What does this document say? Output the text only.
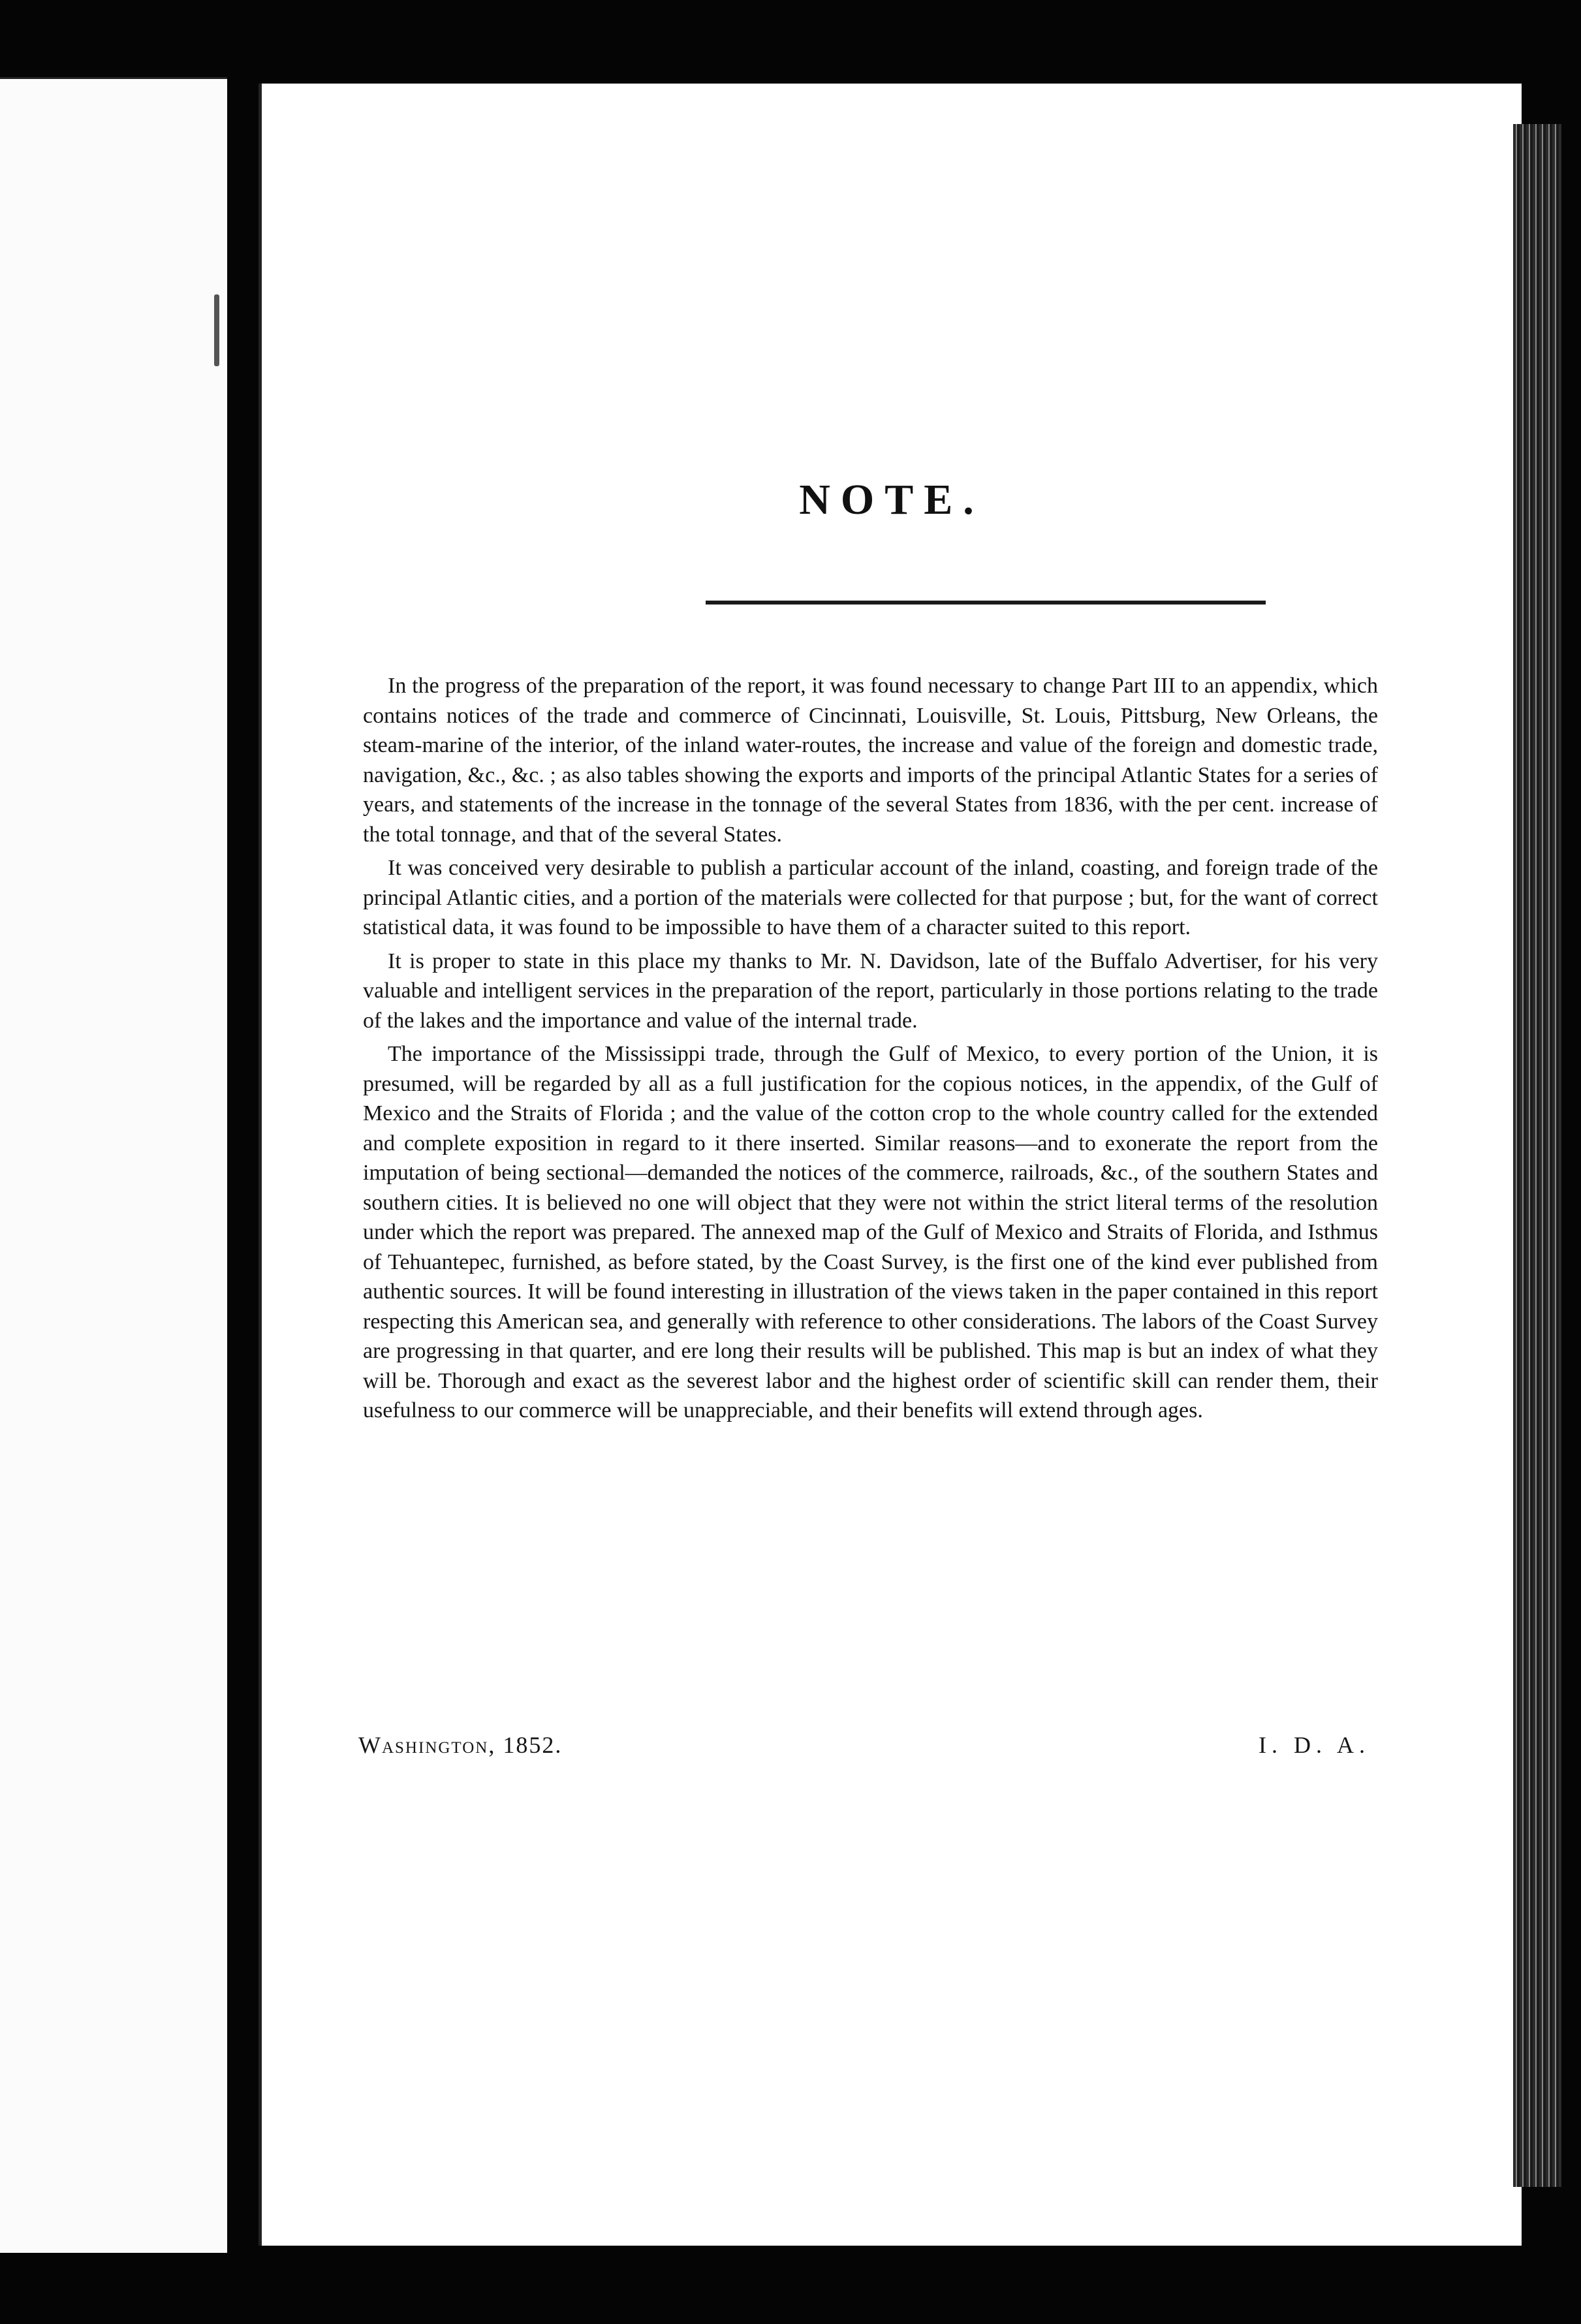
NOTE.

In the progress of the preparation of the report, it was found necessary to change Part III to an appendix, which contains notices of the trade and commerce of Cincinnati, Louisville, St. Louis, Pittsburg, New Orleans, the steam-marine of the interior, of the inland water-routes, the increase and value of the foreign and domestic trade, navigation, &c., &c. ; as also tables showing the exports and imports of the principal Atlantic States for a series of years, and statements of the increase in the tonnage of the several States from 1836, with the per cent. increase of the total tonnage, and that of the several States.

It was conceived very desirable to publish a particular account of the inland, coasting, and foreign trade of the principal Atlantic cities, and a portion of the materials were collected for that purpose ; but, for the want of correct statistical data, it was found to be impossible to have them of a character suited to this report.

It is proper to state in this place my thanks to Mr. N. Davidson, late of the Buffalo Advertiser, for his very valuable and intelligent services in the preparation of the report, particularly in those portions relating to the trade of the lakes and the importance and value of the internal trade.

The importance of the Mississippi trade, through the Gulf of Mexico, to every portion of the Union, it is presumed, will be regarded by all as a full justification for the copious notices, in the appendix, of the Gulf of Mexico and the Straits of Florida ; and the value of the cotton crop to the whole country called for the extended and complete exposition in regard to it there inserted. Similar reasons—and to exonerate the report from the imputation of being sectional—demanded the notices of the commerce, railroads, &c., of the southern States and southern cities. It is believed no one will object that they were not within the strict literal terms of the resolution under which the report was prepared. The annexed map of the Gulf of Mexico and Straits of Florida, and Isthmus of Tehuantepec, furnished, as before stated, by the Coast Survey, is the first one of the kind ever published from authentic sources. It will be found interesting in illustration of the views taken in the paper contained in this report respecting this American sea, and generally with reference to other considerations. The labors of the Coast Survey are progressing in that quarter, and ere long their results will be published. This map is but an index of what they will be. Thorough and exact as the severest labor and the highest order of scientific skill can render them, their usefulness to our commerce will be unappreciable, and their benefits will extend through ages.

Washington, 1852.	I. D. A.
